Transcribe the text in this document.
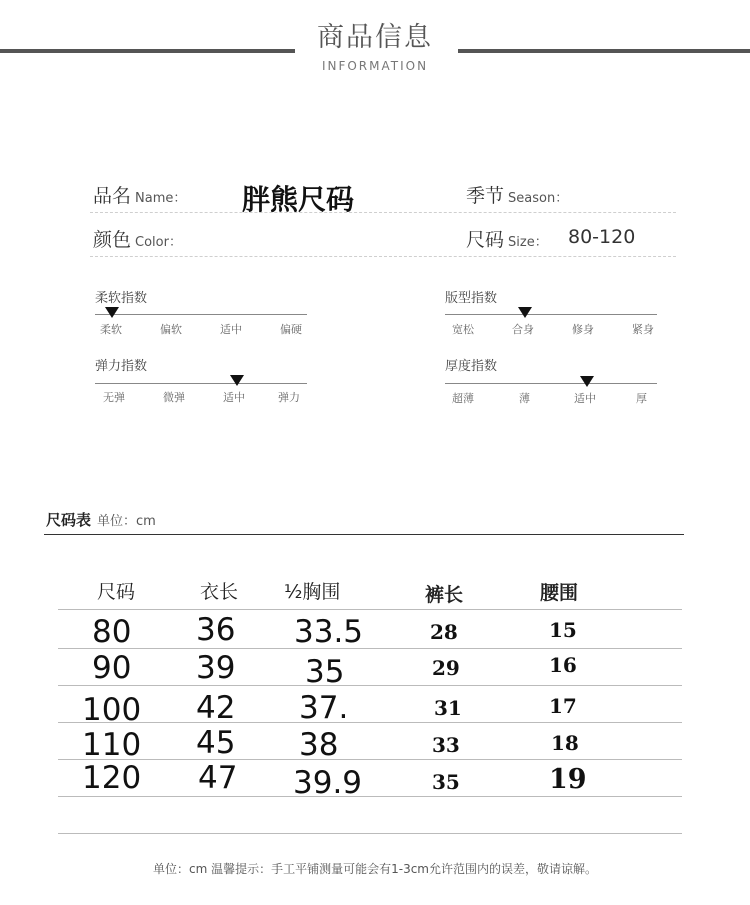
商品信息
INFORMATION
品名 Name： 胖熊尺码	季节 Season：
颜色 Color：	尺码 Size： 80-120
柔软指数
柔软	偏软	适中	偏硬
版型指数
宽松	合身	修身	紧身
弹力指数
无弹	微弹	适中	弹力
厚度指数
超薄	薄	适中	厚
尺码表 单位：cm
尺码	衣长 ½胸围	裤长	腰围
80 36 33.5	28	15
90 39 35	29	16
100 42 37.	31	17
110 45 38	33	18
120 47 39.9	35	19
单位：cm 温馨提示：手工平铺测量可能会有1-3cm允许范围内的误差，敬请谅解。
